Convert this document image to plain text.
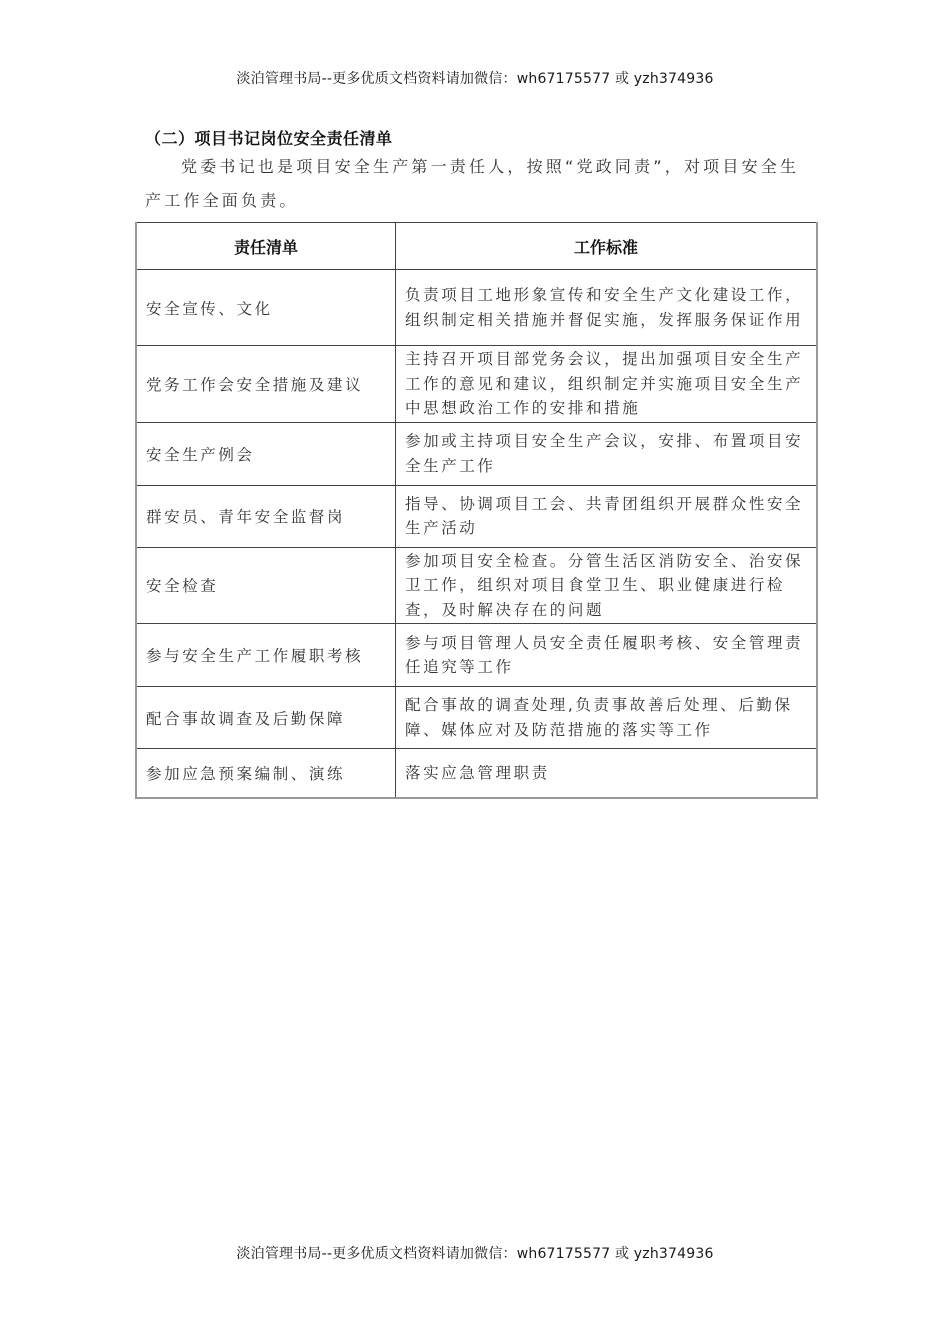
淡泊管理书局--更多优质文档资料请加微信：wh67175577 或 yzh374936
（二）项目书记岗位安全责任清单
党委书记也是项目安全生产第一责任人，按照“党政同责”，对项目安全生产工作全面负责。
责任清单	工作标准
安全宣传、文化	负责项目工地形象宣传和安全生产文化建设工作，组织制定相关措施并督促实施，发挥服务保证作用
党务工作会安全措施及建议	主持召开项目部党务会议，提出加强项目安全生产工作的意见和建议，组织制定并实施项目安全生产中思想政治工作的安排和措施
安全生产例会	参加或主持项目安全生产会议，安排、布置项目安全生产工作
群安员、青年安全监督岗	指导、协调项目工会、共青团组织开展群众性安全生产活动
安全检查	参加项目安全检查。分管生活区消防安全、治安保卫工作，组织对项目食堂卫生、职业健康进行检查，及时解决存在的问题
参与安全生产工作履职考核	参与项目管理人员安全责任履职考核、安全管理责任追究等工作
配合事故调查及后勤保障	配合事故的调查处理,负责事故善后处理、后勤保障、媒体应对及防范措施的落实等工作
参加应急预案编制、演练	落实应急管理职责
淡泊管理书局--更多优质文档资料请加微信：wh67175577 或 yzh374936
